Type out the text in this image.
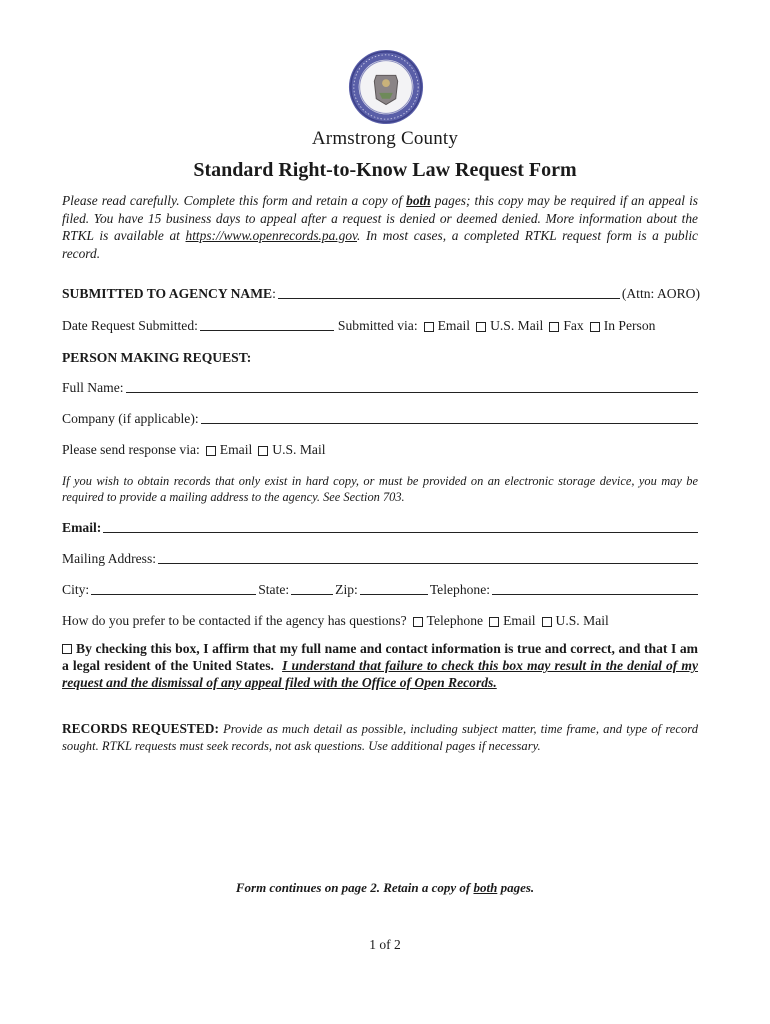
Armstrong County
Standard Right-to-Know Law Request Form
Please read carefully. Complete this form and retain a copy of both pages; this copy may be required if an appeal is filed. You have 15 business days to appeal after a request is denied or deemed denied. More information about the RTKL is available at https://www.openrecords.pa.gov. In most cases, a completed RTKL request form is a public record.
SUBMITTED TO AGENCY NAME :	(Attn: AORO)
Date Request Submitted:	Submitted via: Email U.S. Mail Fax In Person
PERSON MAKING REQUEST:
Full Name:
Company (if applicable):
Please send response via: Email U.S. Mail
If you wish to obtain records that only exist in hard copy, or must be provided on an electronic storage device, you may be required to provide a mailing address to the agency. See Section 703.
Email:
Mailing Address:
City:	State:	Zip:	Telephone:
How do you prefer to be contacted if the agency has questions? Telephone Email U.S. Mail
By checking this box, I affirm that my full name and contact information is true and correct, and that I am a legal resident of the United States. I understand that failure to check this box may result in the denial of my request and the dismissal of any appeal filed with the Office of Open Records.
RECORDS REQUESTED: Provide as much detail as possible, including subject matter, time frame, and type of record sought. RTKL requests must seek records, not ask questions. Use additional pages if necessary.
Form continues on page 2. Retain a copy of both pages.
1 of 2
